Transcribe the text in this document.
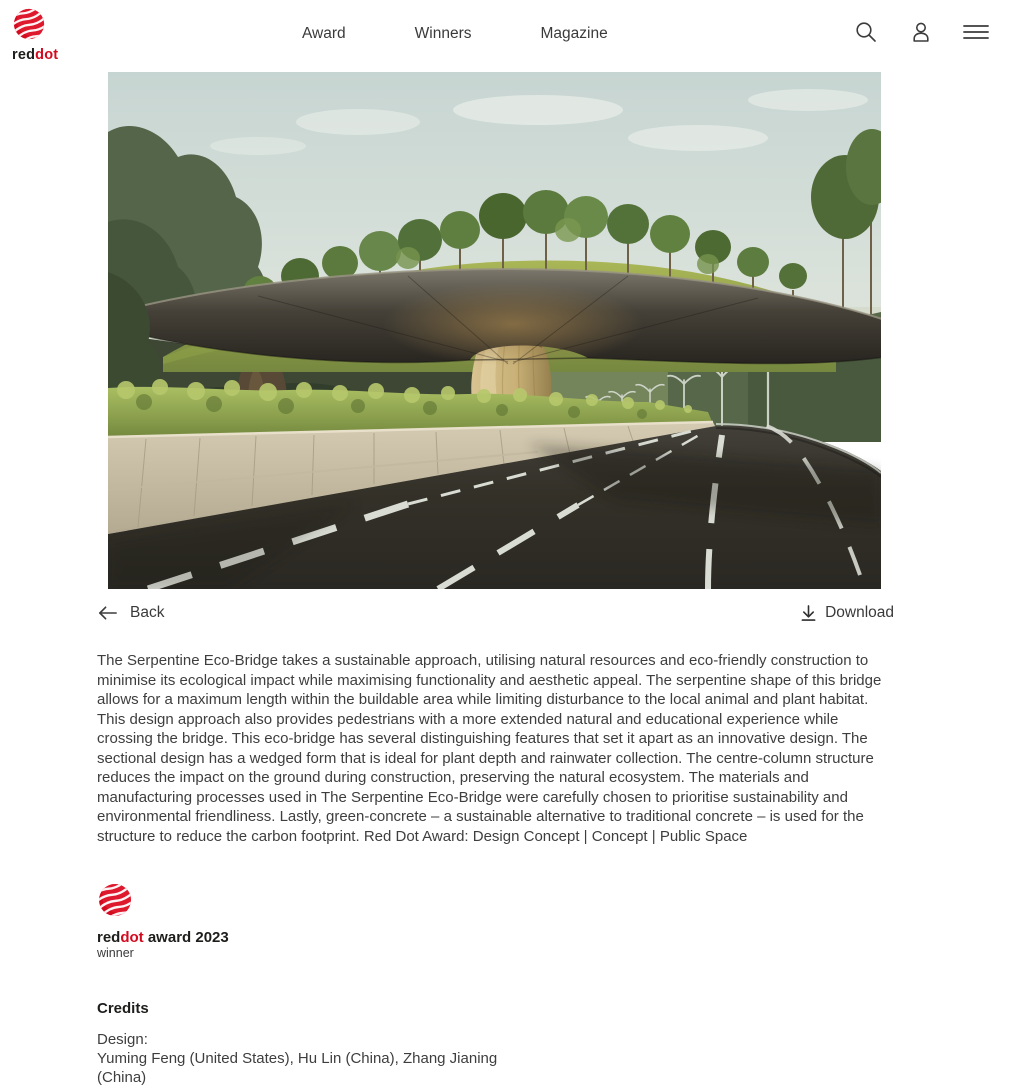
reddot
Award	Winners	Magazine
Back	Download

The Serpentine Eco-Bridge takes a sustainable approach, utilising natural resources and eco-friendly construction to minimise its ecological impact while maximising functionality and aesthetic appeal. The serpentine shape of this bridge allows for a maximum length within the buildable area while limiting disturbance to the local animal and plant habitat. This design approach also provides pedestrians with a more extended natural and educational experience while crossing the bridge. This eco-bridge has several distinguishing features that set it apart as an innovative design. The sectional design has a wedged form that is ideal for plant depth and rainwater collection. The centre-column structure reduces the impact on the ground during construction, preserving the natural ecosystem. The materials and manufacturing processes used in The Serpentine Eco-Bridge were carefully chosen to prioritise sustainability and environmental friendliness. Lastly, green-concrete – a sustainable alternative to traditional concrete – is used for the structure to reduce the carbon footprint. Red Dot Award: Design Concept | Concept | Public Space

reddot award 2023
winner
Credits
Design:
Yuming Feng (United States), Hu Lin (China), Zhang Jianing (China)
